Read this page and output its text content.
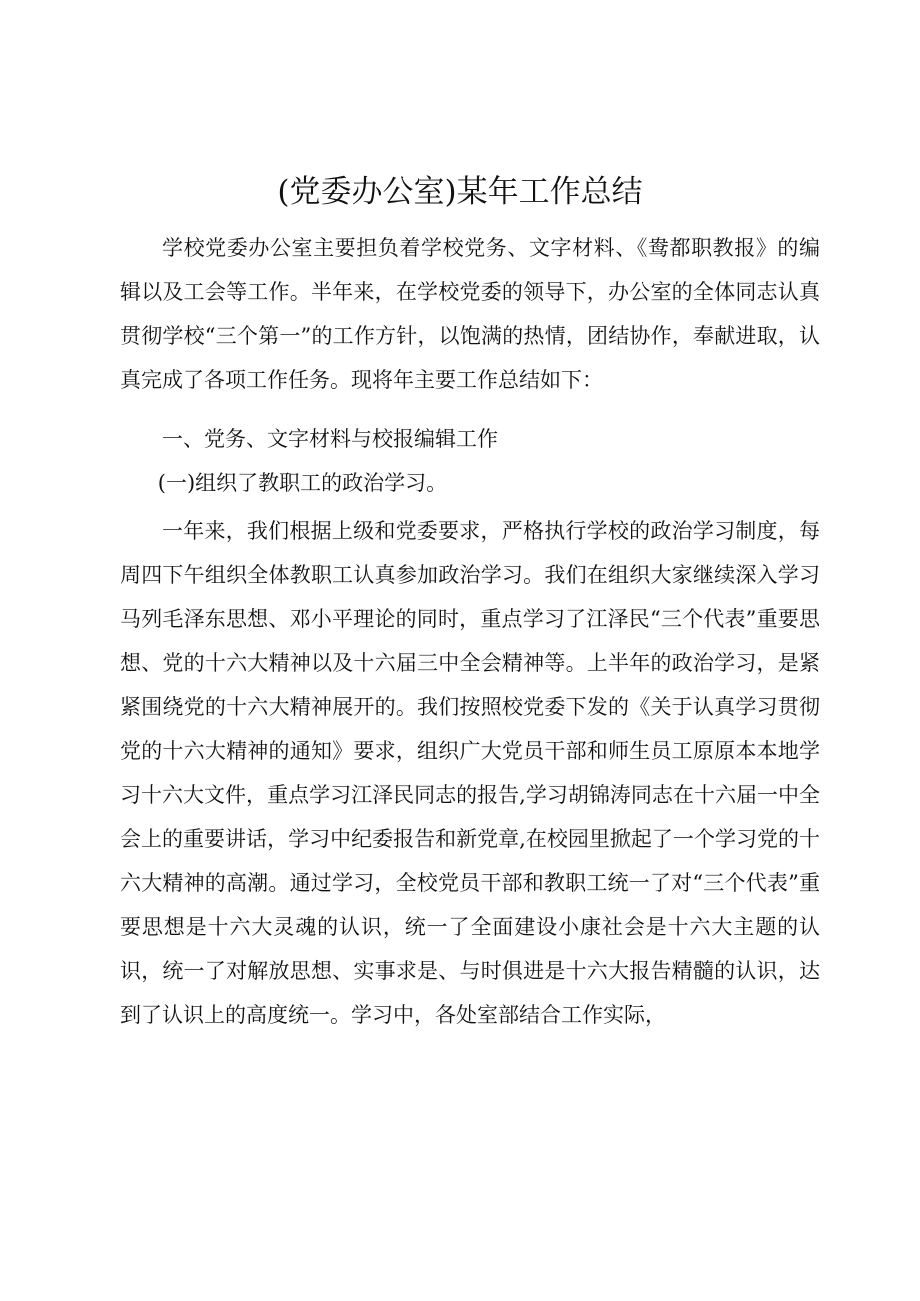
(党委办公室)某年工作总结

学校党委办公室主要担负着学校党务、文字材料、《鸯都职教报》的编辑以及工会等工作。半年来，在学校党委的领导下，办公室的全体同志认真贯彻学校“三个第一”的工作方针，以饱满的热情，团结协作，奉献进取，认真完成了各项工作任务。现将年主要工作总结如下：

一、党务、文字材料与校报编辑工作

(一)组织了教职工的政治学习。

一年来，我们根据上级和党委要求，严格执行学校的政治学习制度，每周四下午组织全体教职工认真参加政治学习。我们在组织大家继续深入学习马列毛泽东思想、邓小平理论的同时，重点学习了江泽民“三个代表”重要思想、党的十六大精神以及十六届三中全会精神等。上半年的政治学习，是紧紧围绕党的十六大精神展开的。我们按照校党委下发的《关于认真学习贯彻党的十六大精神的通知》要求，组织广大党员干部和师生员工原原本本地学习十六大文件，重点学习江泽民同志的报告,学习胡锦涛同志在十六届一中全会上的重要讲话，学习中纪委报告和新党章,在校园里掀起了一个学习党的十六大精神的高潮。通过学习，全校党员干部和教职工统一了对“三个代表”重要思想是十六大灵魂的认识，统一了全面建设小康社会是十六大主题的认识，统一了对解放思想、实事求是、与时俱进是十六大报告精髓的认识，达到了认识上的高度统一。学习中，各处室部结合工作实际，
